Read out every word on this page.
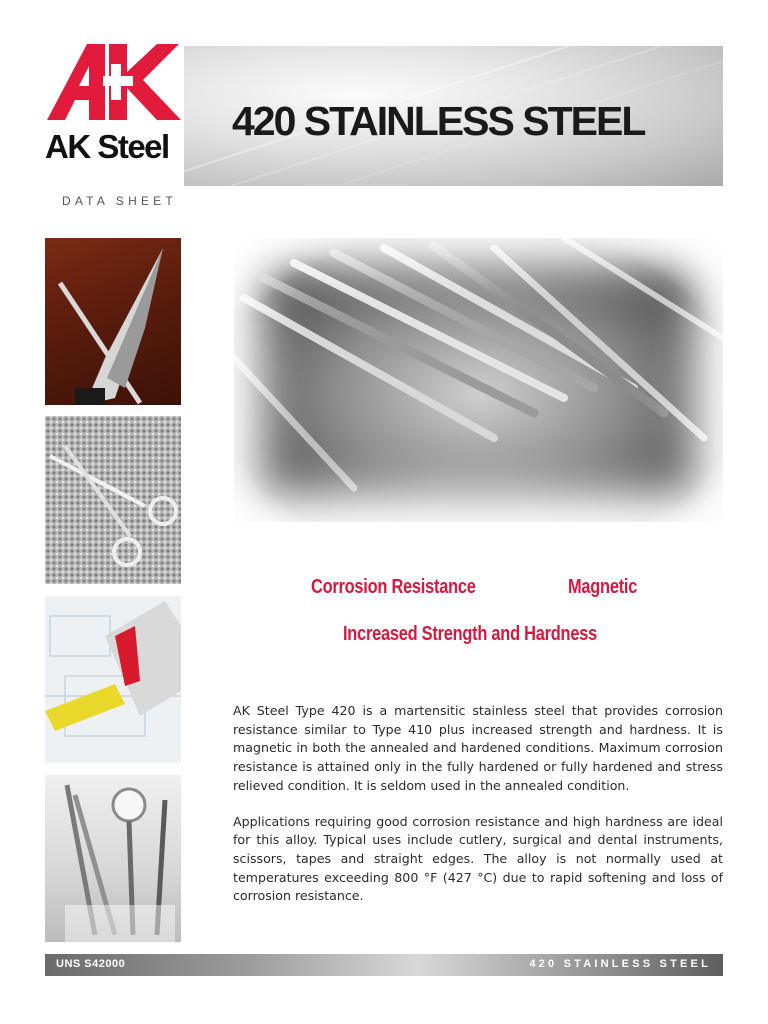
AK Steel
DATA SHEET
420 STAINLESS STEEL
Corrosion Resistance	Magnetic
Increased Strength and Hardness

AK Steel Type 420 is a martensitic stainless steel that provides corrosion resistance similar to Type 410 plus increased strength and hardness. It is magnetic in both the annealed and hardened conditions. Maximum corrosion resistance is attained only in the fully hardened or fully hardened and stress relieved condition. It is seldom used in the annealed condition.

Applications requiring good corrosion resistance and high hardness are ideal for this alloy. Typical uses include cutlery, surgical and dental instruments, scissors, tapes and straight edges. The alloy is not normally used at temperatures exceeding 800 °F (427 °C) due to rapid softening and loss of corrosion resistance.

UNS S42000	420 STAINLESS STEEL
